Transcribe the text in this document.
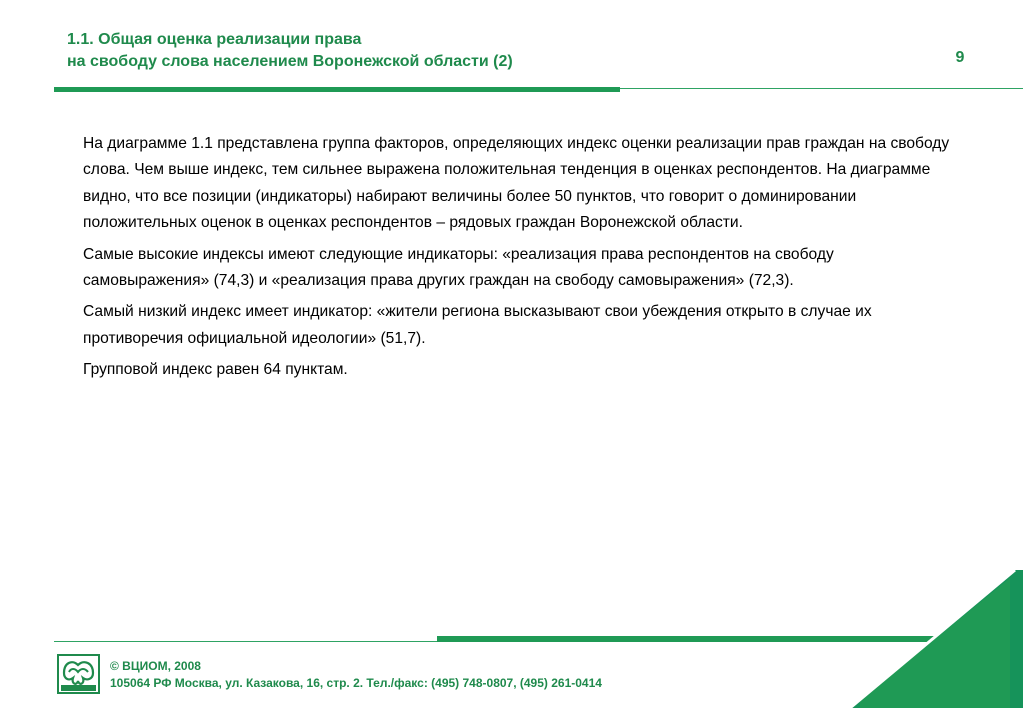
1.1. Общая оценка реализации права
на свободу слова населением Воронежской области (2)	9

На диаграмме 1.1 представлена группа факторов, определяющих индекс оценки реализации прав граждан на свободу слова. Чем выше индекс, тем сильнее выражена положительная тенденция в оценках респондентов. На диаграмме видно, что все позиции (индикаторы) набирают величины более 50 пунктов, что говорит о доминировании положительных оценок в оценках респондентов – рядовых граждан Воронежской области.

Самые высокие индексы имеют следующие индикаторы: «реализация права респондентов на свободу самовыражения» (74,3) и «реализация права других граждан на свободу самовыражения» (72,3).

Самый низкий индекс имеет индикатор: «жители региона высказывают свои убеждения открыто в случае их противоречия официальной идеологии» (51,7).

Групповой индекс равен 64 пунктам.

© ВЦИОМ, 2008
105064 РФ Москва, ул. Казакова, 16, стр. 2. Тел./факс: (495) 748-0807, (495) 261-0414
